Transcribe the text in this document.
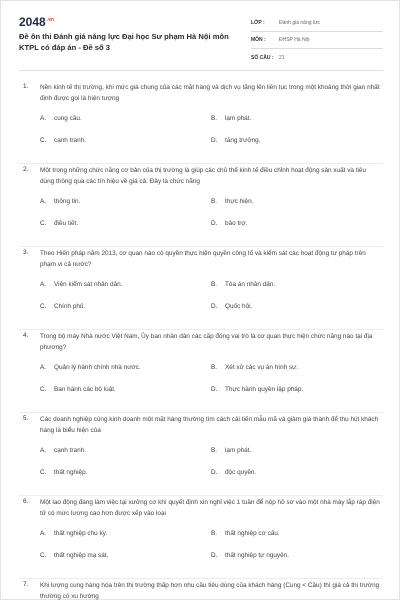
$2048^{.vn}$
Đề ôn thi Đánh giá năng lực Đại học Sư phạm Hà Nội môn KTPL có đáp án - Đề số 3
LỚP :	Đánh giá năng lực
MÔN :	ĐHSP Hà Nội
SỐ CÂU :	21
1. Nền kinh tế thị trường, khi mức giá chung của các mặt hàng và dịch vụ tăng lên liên tục trong một khoảng thời gian nhất định được gọi là hiện tượng
A.	cung cầu.	B.	lạm phát.
C.	cạnh tranh.	D.	tăng trưởng.
2. Một trong những chức năng cơ bản của thị trường là giúp các chủ thể kinh tế điều chỉnh hoạt động sản xuất và tiêu dùng thông qua các tín hiệu về giá cả. Đây là chức năng
A.	thông tin.	B.	thực hiện.
C.	điều tiết.	D.	bảo trợ.
3. Theo Hiến pháp năm 2013, cơ quan nào có quyền thực hiện quyền công tố và kiểm sát các hoạt động tư pháp trên phạm vi cả nước?
A.	Viện kiểm sát nhân dân.	B.	Tòa án nhân dân.
C.	Chính phủ.	D.	Quốc hội.
4. Trong bộ máy Nhà nước Việt Nam, Ủy ban nhân dân các cấp đóng vai trò là cơ quan thực hiện chức năng nào tại địa phương?
A.	Quản lý hành chính nhà nước.	B.	Xét xử các vụ án hình sự.
C.	Ban hành các bộ luật.	D.	Thực hành quyền lập pháp.
5. Các doanh nghiệp cùng kinh doanh một mặt hàng thường tìm cách cải tiến mẫu mã và giảm giá thành để thu hút khách hàng là biểu hiện của
A.	cạnh tranh.	B.	lạm phát.
C.	thất nghiệp.	D.	độc quyền.
6. Một lao động đang làm việc tại xưởng cơ khí quyết định xin nghỉ việc 1 tuần để nộp hồ sơ vào một nhà máy lắp ráp điện tử có mức lương cao hơn được xếp vào loại
A.	thất nghiệp chu kỳ.	B.	thất nghiệp cơ cấu.
C.	thất nghiệp mạ sát.	D.	thất nghiệp tự nguyện.
7. Khi lượng cung hàng hóa trên thị trường thấp hơn nhu cầu tiêu dùng của khách hàng (Cung < Cầu) thì giá cả thị trường thường có xu hướng
